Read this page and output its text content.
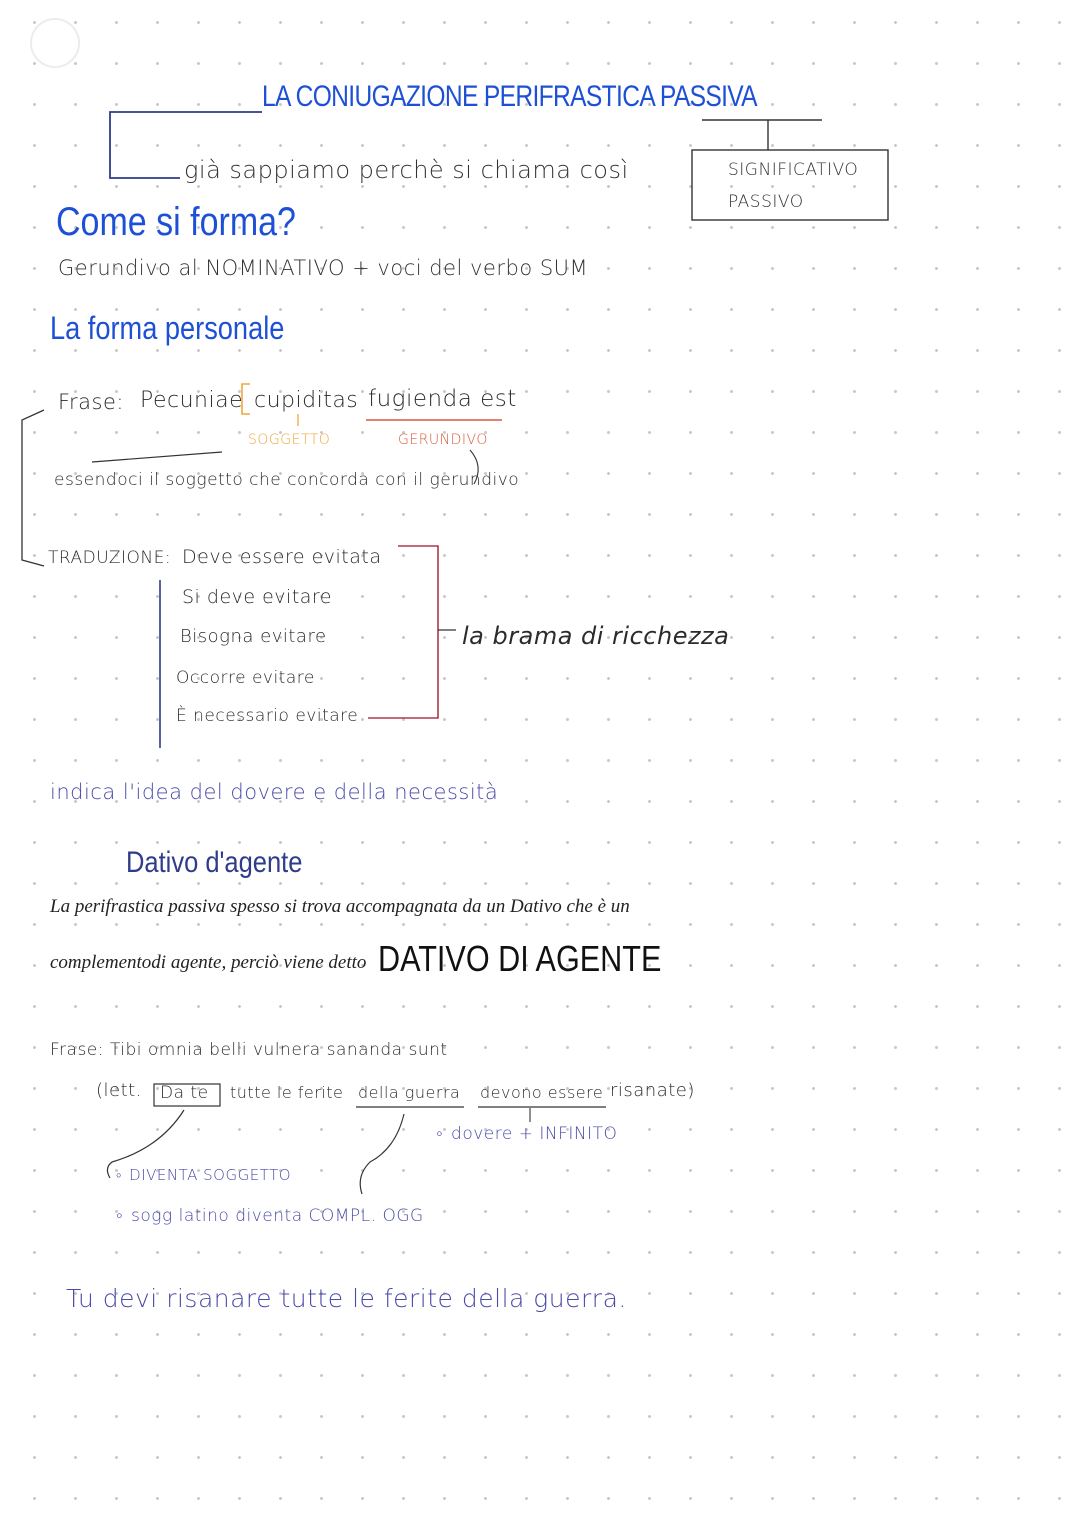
LA CONIUGAZIONE PERIFRASTICA PASSIVA
già sappiamo perchè si chiama così	SIGNIFICATIVO
PASSIVO
Come si forma?
Gerundivo al NOMINATIVO + voci del verbo SUM
La forma personale
Frase: Pecuniae cupiditas fugienda est
SOGGETTO	GERUNDIVO
essendoci il soggetto che concorda con il gerundivo
TRADUZIONE: Deve essere evitata
Si deve evitare
Bisogna evitare
Occorre evitare
È necessario evitare
la brama di ricchezza
indica l'idea del dovere e della necessità
Dativo d'agente
La perifrastica passiva spesso si trova accompagnata da un Dativo che è un
complementodi agente, perciò viene detto DATIVO DI AGENTE
Frase: Tibi omnia belli vulnera sananda sunt
(lett. Da te tutte le ferite della guerra devono essere risanate)
∘ dovere + INFINITO
∘ DIVENTA SOGGETTO
∘ sogg latino diventa COMPL. OGG
Tu devi risanare tutte le ferite della guerra.
